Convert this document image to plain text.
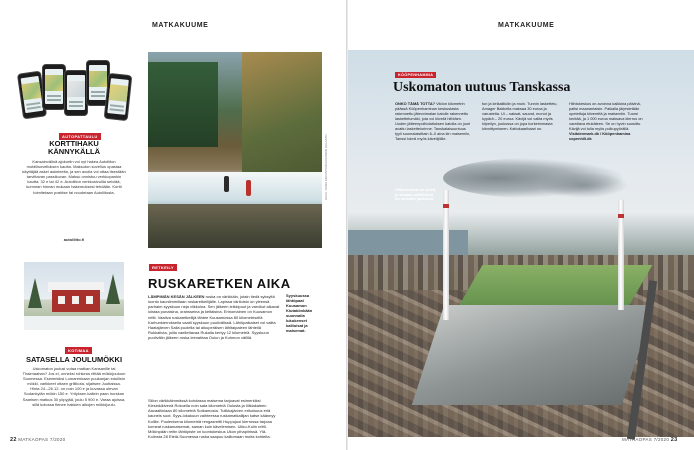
MATKAKUUME
AUTOPATTAULU
KORTTIHAKU
KÄNNYKÄLLÄ
Kansainvälinä ajokortin voi nyt hakea Autoliiton mobiilisovelluksen kautta. Maksuton sovellus opastaa käyttäjää askel askeleelta, ja sen avulla voi ottaa itsestään tarvittavan passikuvan. Maksu onnistuu verkkopankin kautta. 32 e tai 42 e. Autoliiton verkkosivuilla selviää, kumman hinnan mukaan hakemuksesi tehdään. Kortti toimitetaan postitse tai noudetaan Autoliitosta.
autoliitto.fi
KOTIMAA
SATASELLA JOULUMÖKKI
Uskomaton joulusi votaa matkan Kansanille tai Thaimaahan? Jos ei, onneksi rohkeus riittää mökkijouluun Suomessa. Esimerkiksi Lomarenkaan puukanjan edullisin mökki, varikkeet ottaen grillikota, sijaitsee Juuttaissa. Hinta 24.–26.12. on noin 100 e ja kuvassa olevan Sodankylän mökin 150 e. Yrityksen kallein paan hurskan Saarisen matkus 30 yöpyjää, joulu 5 900 e. Varaa ajoissa, sillä kotossa fienee hakkien aikojen mökkijoulu.
KUVA: TAINA KOIVISTO/KUUSAMON KALASTO
RETKEILY
RUSKARETKEN AIKA
LÄMPIMÄN KESÄN JÄLKEEN ruska on värikkäin, jotain tiedä syksyltä luonto kauniimmillaan ruskaretkeilijälle. Lapissa väriloisto on yleensä parhaim syyskuun neja viikkoina. Sen jälkeen leikkipuut ja varvikot alkavat loistaa punaisina, oransseina ja keltaisina. Erinomainen on Kuusamon reitti. Vaativa ruskaretkeilijä lähtee Kuusamossa 80 kilometrisellä Karhunkierroksella vaatii syyskuun puolivälissä. Lähiöpalkaiset voi valita Haatajärven Salla puolella tai aikuperäisen lähitaipaleen lähtellä Rukkalluta, joilla vaellettavaa Rukalla kertyy 12 kilometriä. Syyskuun puolivälin jälkeen ruska leimahtaa Oulun ja Kuhmon välillä.
Siilon värikkäimmässä kohdassa maisema tarjoavat esimerkiksi Kiesinkikivenä Rokuella noin sata kilometriä Oulusta ja Iiliklakaleen Aavaalliniaan 80 kilometriä Sotkamosta. Tulikkajärven erikoisuus eriä kauneis suot. Syys-lokakuun vaihteessa ruskamatkailijan katse käännyy Kolille. Puolenisena kilometriä rengasreitti Huppujuoi kierrossa tarjoaa komeat ruskamaisemat, saman kuin kävelemisen. Ukko-Kolin reitti. Mökinpään reitin lähtöpiste on luontokeskus Ukon pihapiirissä. Ylä-Kolinsta 28 Etelä-Suomessa ruska saapuu kalliomaan muita kohteita.
Syyskuussa lähtöpaat Kuusamon Kiutakönkään suunnalla lukukenset kallioisat ja maisemat.
22 MATKAOPAS 7/2020
MATKAKUUME
KÖÖPENHAMINA
Uskomaton uutuus Tanskassa
ONKO TÄMÄ TOTTA? Viidon kilometrin päässä Kööpenhaminan keskustasta rakennettu jätevoimalan katolle rakennettu laskettelumäki, jota voi kiivetä hiihtäen. Uuden jätteenpolttolaitoksen katolla on juuri avattu laskettelurinne. Tanskalaisuuntuus tyyli suomalaisittain 6–0 aina kin maisemiin, Tanssi toimii myös kävelijöille.
tun ja kelkailiköin ja muin. Tunnin laskettelu, Amager Bakkella maksaa 30 euroa ja varusteita. Ui – saksat, sauvat, monot ja kypärä – 20 euroa. Kävijä voi valita myös kiipeilyn, joukossa on jopa korkeimmasta kiinnittymiseen. Kattokaaribaari on.
Hiihtokeskus on avoinna kaikkina päivinä, paitsi maanantaisin. Paikalla järjestetään opetettuja kiivereitä ja maisemiin. Tuomi kentää, ja 1 000 euroa maksava kierros on varattava etukäteen. Se on hyvin suosittu. Kävijä voi tulla myös polkupyörällä. Visitdenmark.dk / Kööpenhamina copenhill.dk
Hiihtokeskus on selvä, jo kaukaa nähtävissä on herantto joukossa.
MATKAOPAS 7/2020 23
